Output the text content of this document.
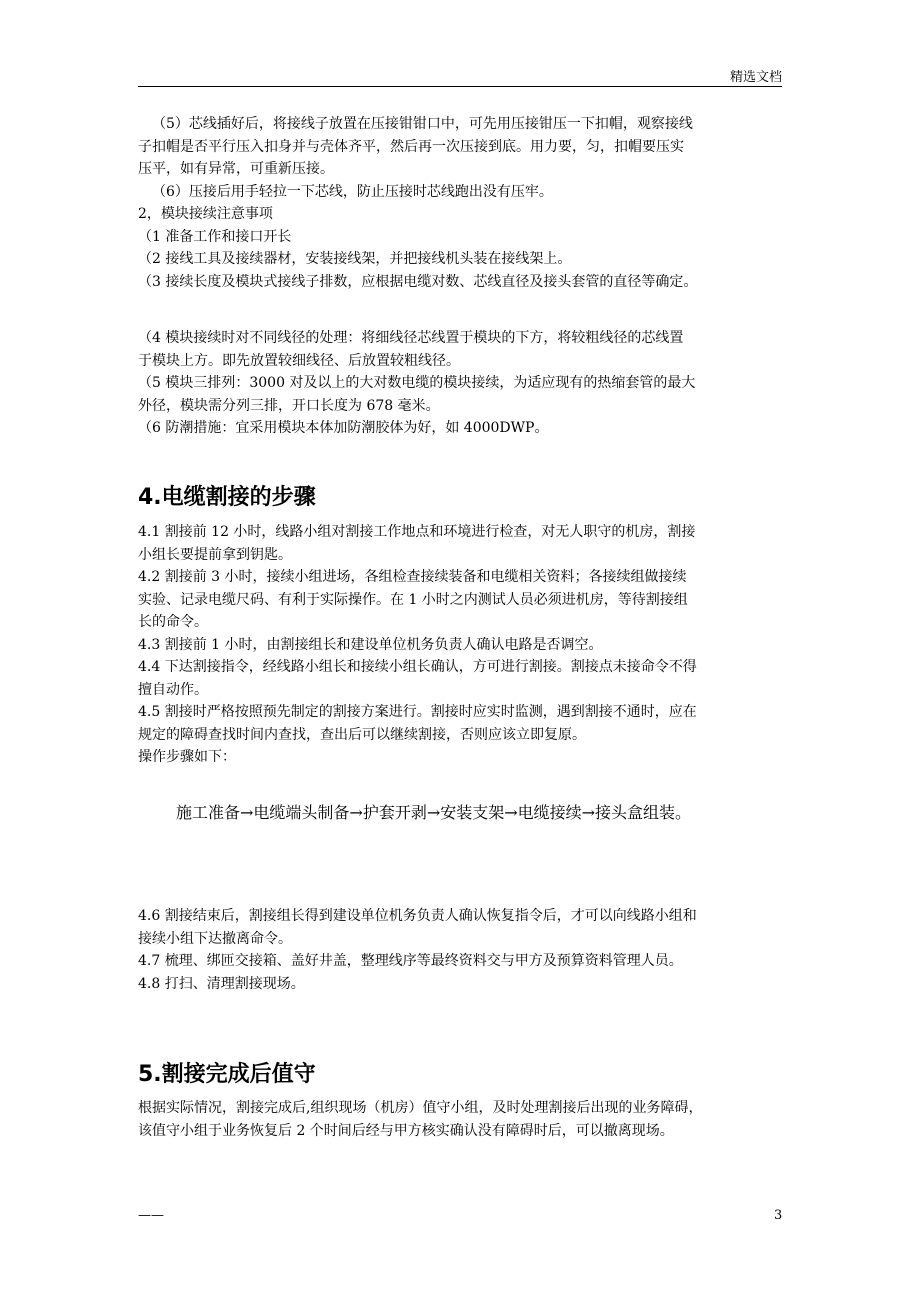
精选文档

（5）芯线插好后，将接线子放置在压接钳钳口中，可先用压接钳压一下扣帽，观察接线

子扣帽是否平行压入扣身并与壳体齐平，然后再一次压接到底。用力要，匀，扣帽要压实

压平，如有异常，可重新压接。

（6）压接后用手轻拉一下芯线，防止压接时芯线跑出没有压牢。

2，模块接续注意事项

（1 准备工作和接口开长

（2 接线工具及接续器材，安装接线架，并把接线机头装在接线架上。

（3 接续长度及模块式接线子排数，应根据电缆对数、芯线直径及接头套管的直径等确定。

（4 模块接续时对不同线径的处理：将细线径芯线置于模块的下方，将较粗线径的芯线置

于模块上方。即先放置较细线径、后放置较粗线径。

（5 模块三排列：3000 对及以上的大对数电缆的模块接续，为适应现有的热缩套管的最大

外径，模块需分列三排，开口长度为 678 毫米。

（6 防潮措施：宜采用模块本体加防潮胶体为好，如 4000DWP。

4.电缆割接的步骤

4.1 割接前 12 小时，线路小组对割接工作地点和环境进行检查，对无人职守的机房，割接

小组长要提前拿到钥匙。

4.2 割接前 3 小时，接续小组进场，各组检查接续装备和电缆相关资料；各接续组做接续

实验、记录电缆尺码、有利于实际操作。在 1 小时之内测试人员必须进机房，等待割接组

长的命令。

4.3 割接前 1 小时，由割接组长和建设单位机务负责人确认电路是否调空。

4.4 下达割接指令，经线路小组长和接续小组长确认，方可进行割接。割接点未接命令不得

擅自动作。

4.5 割接时严格按照预先制定的割接方案进行。割接时应实时监测，遇到割接不通时，应在

规定的障碍查找时间内查找，查出后可以继续割接，否则应该立即复原。

操作步骤如下：

施工准备→电缆端头制备→护套开剥→安装支架→电缆接续→接头盒组装。

4.6 割接结束后，割接组长得到建设单位机务负责人确认恢复指令后，才可以向线路小组和

接续小组下达撤离命令。

4.7 梳理、绑匝交接箱、盖好井盖，整理线序等最终资料交与甲方及预算资料管理人员。

4.8 打扫、清理割接现场。

5.割接完成后值守

根据实际情况，割接完成后,组织现场（机房）值守小组，及时处理割接后出现的业务障碍，

该值守小组于业务恢复后 2 个时间后经与甲方核实确认没有障碍时后，可以撤离现场。

——	3
